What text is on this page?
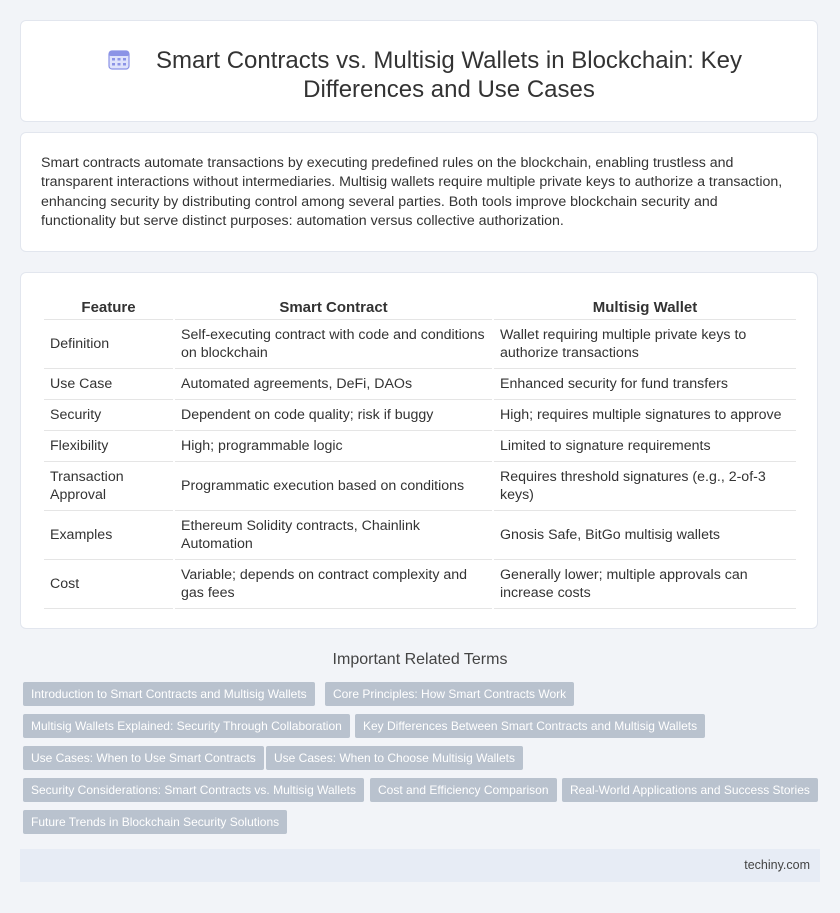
Smart Contracts vs. Multisig Wallets in Blockchain: Key Differences and Use Cases

Smart contracts automate transactions by executing predefined rules on the blockchain, enabling trustless and transparent interactions without intermediaries. Multisig wallets require multiple private keys to authorize a transaction, enhancing security by distributing control among several parties. Both tools improve blockchain security and functionality but serve distinct purposes: automation versus collective authorization.

Feature	Smart Contract	Multisig Wallet
Definition	Self-executing contract with code and conditions on blockchain	Wallet requiring multiple private keys to authorize transactions
Use Case	Automated agreements, DeFi, DAOs	Enhanced security for fund transfers
Security	Dependent on code quality; risk if buggy	High; requires multiple signatures to approve
Flexibility	High; programmable logic	Limited to signature requirements
Transaction Approval	Programmatic execution based on conditions	Requires threshold signatures (e.g., 2-of-3 keys)
Examples	Ethereum Solidity contracts, Chainlink Automation	Gnosis Safe, BitGo multisig wallets
Cost	Variable; depends on contract complexity and gas fees	Generally lower; multiple approvals can increase costs
Important Related Terms
Introduction to Smart Contracts and Multisig Wallets	Core Principles: How Smart Contracts Work
Multisig Wallets Explained: Security Through Collaboration	Key Differences Between Smart Contracts and Multisig Wallets
Use Cases: When to Use Smart Contracts	Use Cases: When to Choose Multisig Wallets
Security Considerations: Smart Contracts vs. Multisig Wallets	Cost and Efficiency Comparison	Real-World Applications and Success Stories
Future Trends in Blockchain Security Solutions
techiny.com
